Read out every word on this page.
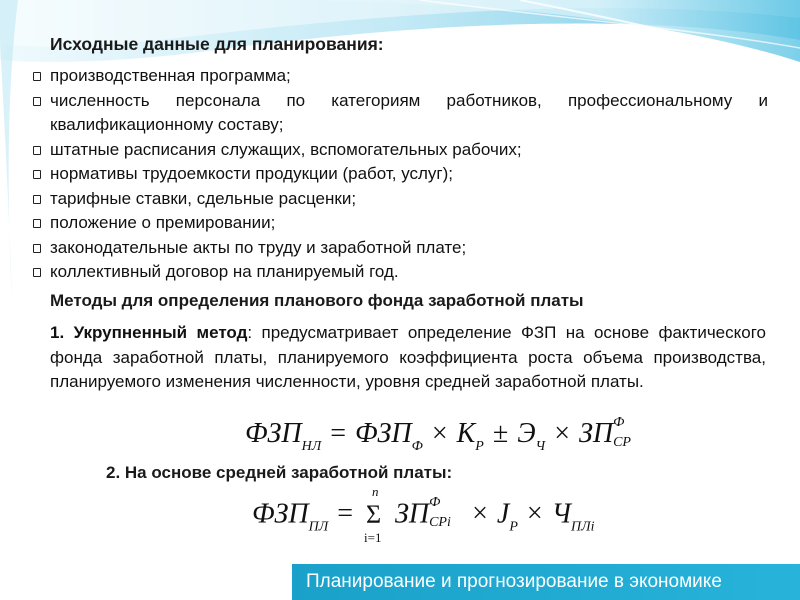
Исходные данные для планирования:
производственная программа;
численность персонала по категориям работников, профессиональному и квалификационному составу;
штатные расписания служащих, вспомогательных рабочих;
нормативы трудоемкости продукции (работ, услуг);
тарифные ставки, сдельные расценки;
положение о премировании;
законодательные акты по труду и заработной плате;
коллективный договор на планируемый год.
Методы для определения планового фонда заработной платы
1. Укрупненный метод: предусматривает определение ФЗП на основе фактического фонда заработной платы, планируемого коэффициента роста объема производства, планируемого изменения численности, уровня средней заработной платы.
$ФЗП_{НЛ} = ФЗП_Ф \times К_Р \pm Э_Ч$ × ЗП Ф
СР
2. На основе средней заработной платы:
$ФЗП_{ПЛ}$ =
n
Σ
i=1
ЗП Ф
СРi × $J_Р \times Ч_{ПЛi}$
Планирование и прогнозирование в экономике
